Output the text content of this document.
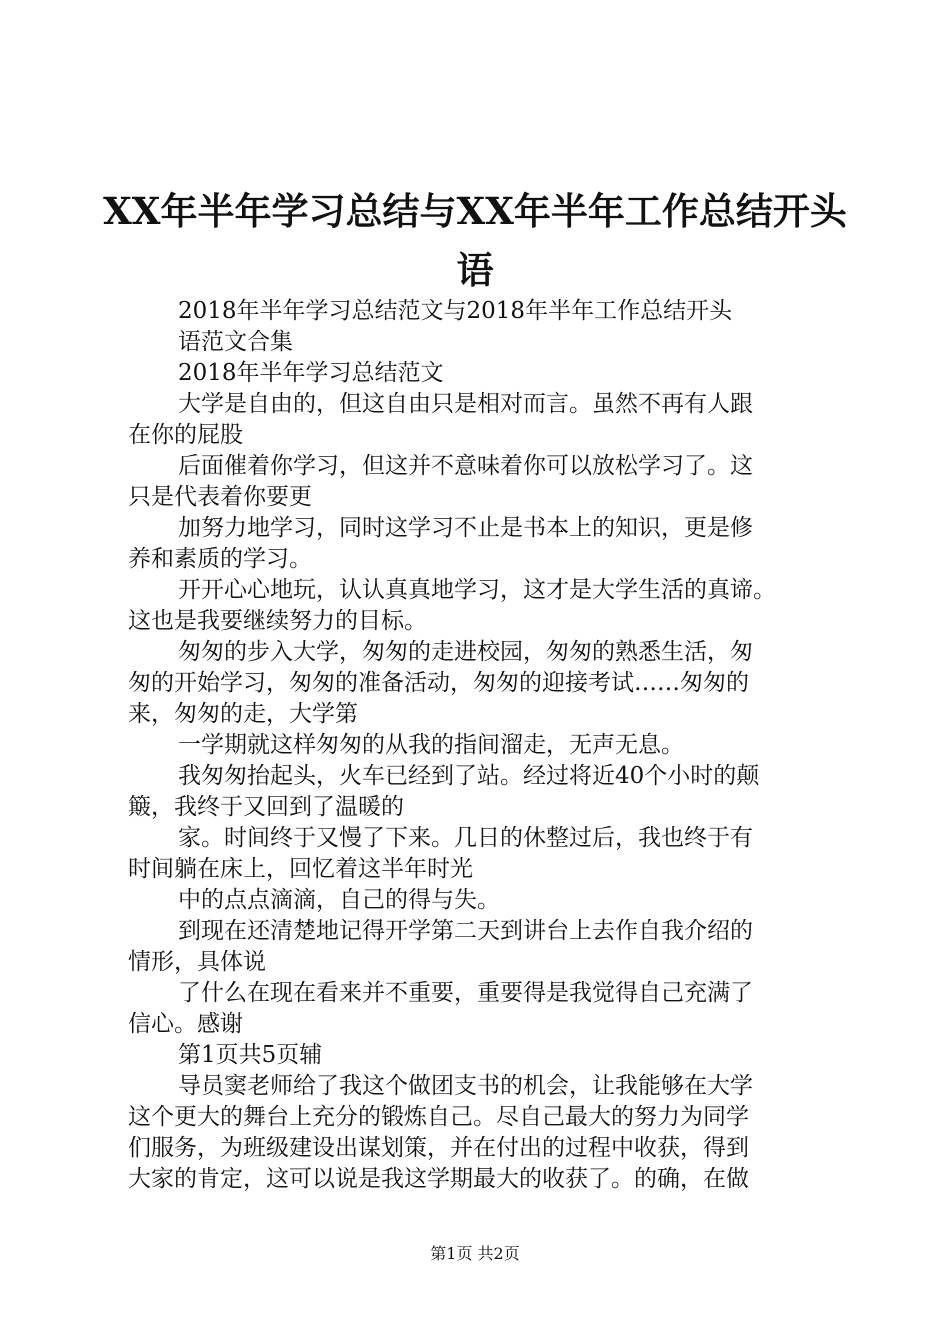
XX年半年学习总结与XX年半年工作总结开头
语
2018年半年学习总结范文与2018年半年工作总结开头
语范文合集
2018年半年学习总结范文
大学是自由的，但这自由只是相对而言。虽然不再有人跟
在你的屁股
后面催着你学习，但这并不意味着你可以放松学习了。这
只是代表着你要更
加努力地学习，同时这学习不止是书本上的知识，更是修
养和素质的学习。
开开心心地玩，认认真真地学习，这才是大学生活的真谛。
这也是我要继续努力的目标。
匆匆的步入大学，匆匆的走进校园，匆匆的熟悉生活，匆
匆的开始学习，匆匆的准备活动，匆匆的迎接考试……匆匆的
来，匆匆的走，大学第
一学期就这样匆匆的从我的指间溜走，无声无息。
我匆匆抬起头，火车已经到了站。经过将近40个小时的颠
簸，我终于又回到了温暖的
家。时间终于又慢了下来。几日的休整过后，我也终于有
时间躺在床上，回忆着这半年时光
中的点点滴滴，自己的得与失。
到现在还清楚地记得开学第二天到讲台上去作自我介绍的
情形，具体说
了什么在现在看来并不重要，重要得是我觉得自己充满了
信心。感谢
第1页共5页辅
导员窦老师给了我这个做团支书的机会，让我能够在大学
这个更大的舞台上充分的锻炼自己。尽自己最大的努力为同学
们服务，为班级建设出谋划策，并在付出的过程中收获，得到
大家的肯定，这可以说是我这学期最大的收获了。的确，在做
第1页 共2页
